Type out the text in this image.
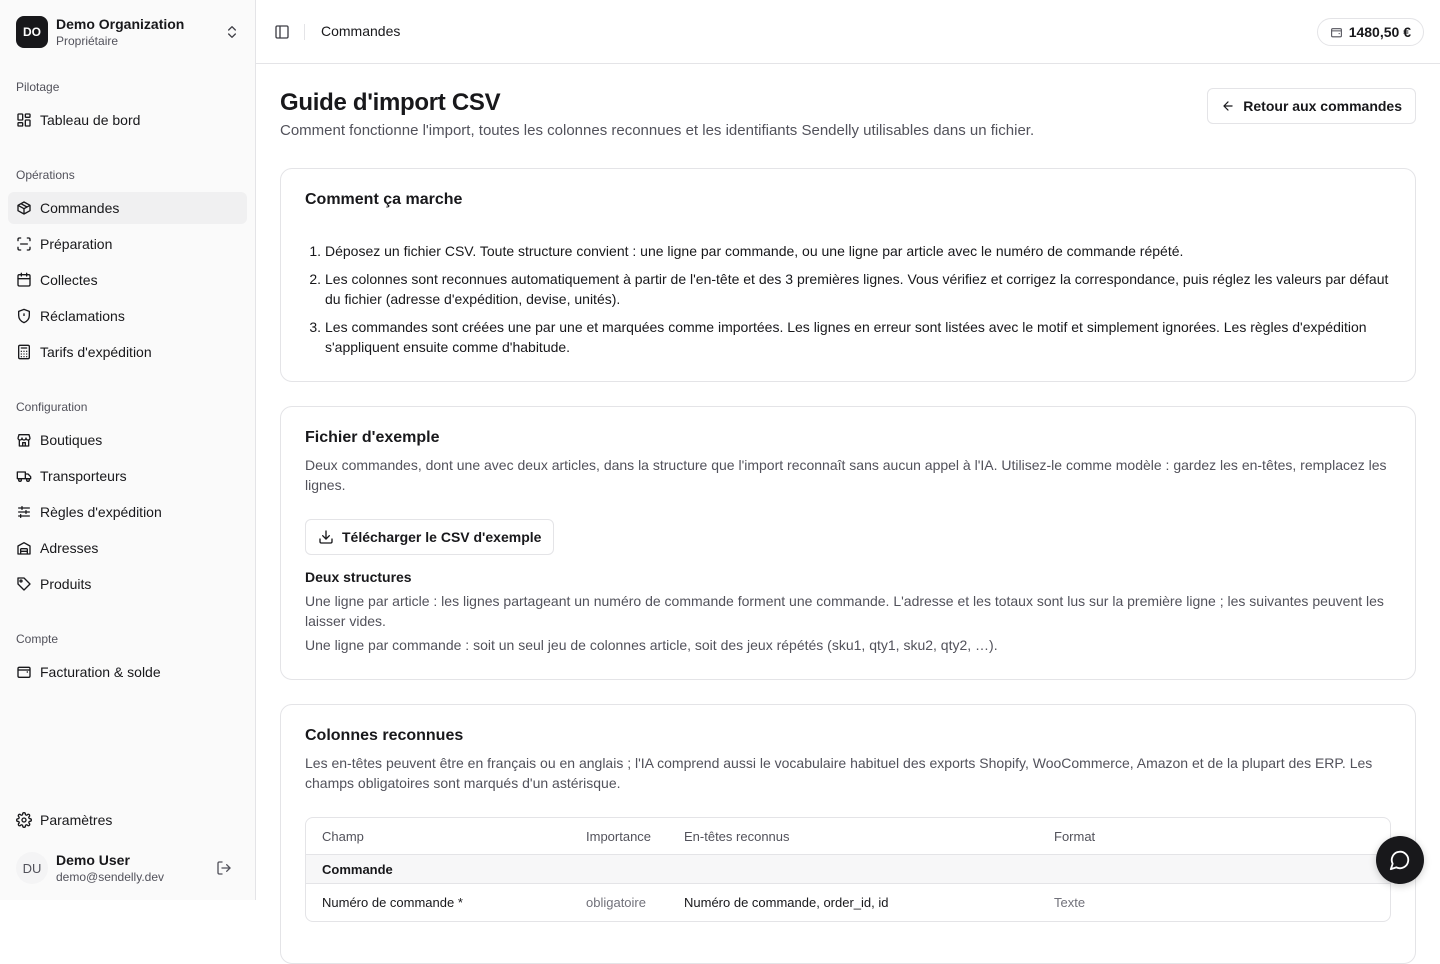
DO
Demo Organization
Propriétaire
Pilotage
Tableau de bord
Opérations
Commandes
Préparation
Collectes
Réclamations
Tarifs d'expédition
Configuration
Boutiques
Transporteurs
Règles d'expédition
Adresses
Produits
Compte
Facturation & solde
Paramètres
DU
Demo User
demo@sendelly.dev
Commandes	1480,50 €
Guide d'import CSV

Comment fonctionne l'import, toutes les colonnes reconnues et les identifiants Sendelly utilisables dans un fichier.

Retour aux commandes
Comment ça marche
1. Déposez un fichier CSV. Toute structure convient : une ligne par commande, ou une ligne par article avec le numéro de commande répété.
2. Les colonnes sont reconnues automatiquement à partir de l'en-tête et des 3 premières lignes. Vous vérifiez et corrigez la correspondance, puis réglez les valeurs par défaut du fichier (adresse d'expédition, devise, unités).
3. Les commandes sont créées une par une et marquées comme importées. Les lignes en erreur sont listées avec le motif et simplement ignorées. Les règles d'expédition s'appliquent ensuite comme d'habitude.
Fichier d'exemple

Deux commandes, dont une avec deux articles, dans la structure que l'import reconnaît sans aucun appel à l'IA. Utilisez-le comme modèle : gardez les en-têtes, remplacez les lignes.

Télécharger le CSV d'exemple
Deux structures

Une ligne par article : les lignes partageant un numéro de commande forment une commande. L'adresse et les totaux sont lus sur la première ligne ; les suivantes peuvent les laisser vides.

Une ligne par commande : soit un seul jeu de colonnes article, soit des jeux répétés (sku1, qty1, sku2, qty2, …).

Colonnes reconnues

Les en-têtes peuvent être en français ou en anglais ; l'IA comprend aussi le vocabulaire habituel des exports Shopify, WooCommerce, Amazon et de la plupart des ERP. Les champs obligatoires sont marqués d'un astérisque.

Champ	Importance	En-têtes reconnus	Format
Commande
Numéro de commande *	obligatoire	Numéro de commande, order_id, id	Texte
